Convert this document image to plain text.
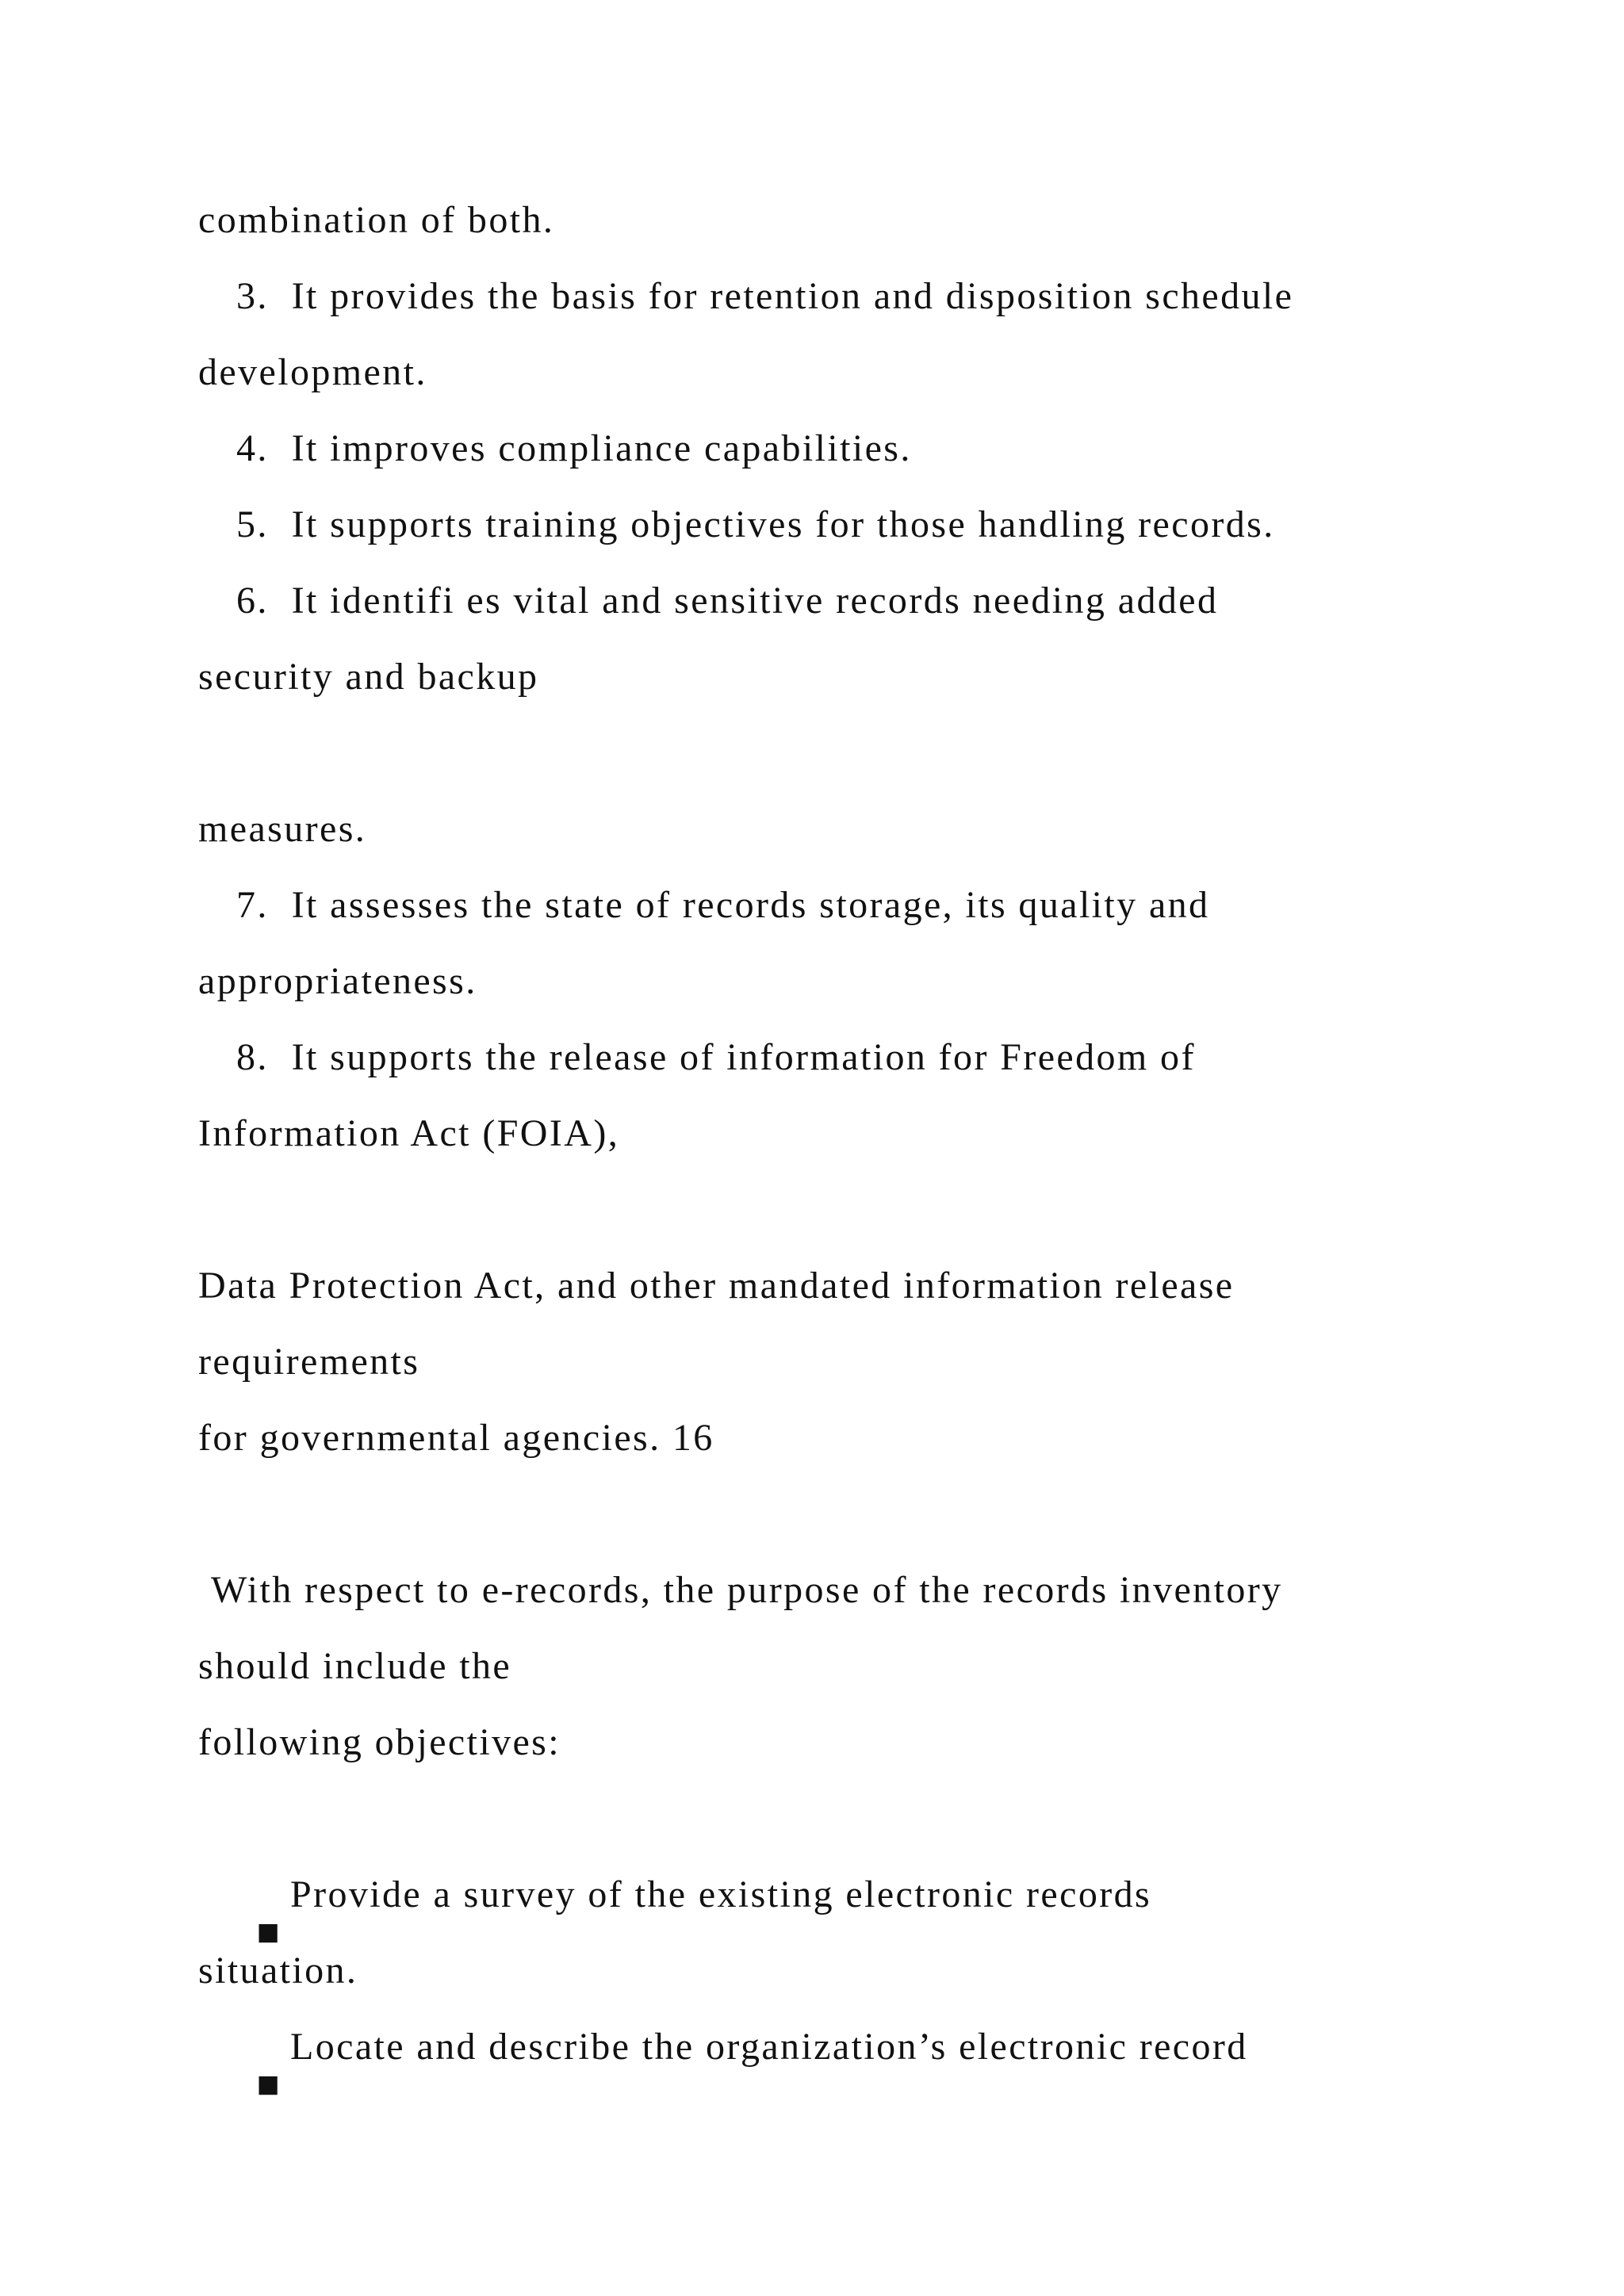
combination of both.
3.  It provides the basis for retention and disposition schedule
development.
4.  It improves compliance capabilities.
5.  It supports training objectives for those handling records.
6.  It identifi es vital and sensitive records needing added
security and backup
measures.
7.  It assesses the state of records storage, its quality and
appropriateness.
8.  It supports the release of information for Freedom of
Information Act (FOIA),
Data Protection Act, and other mandated information release
requirements
for governmental agencies. 16
With respect to e-records, the purpose of the records inventory
should include the
following objectives:

■

Provide a survey of the existing electronic records
situation.

■

Locate and describe the organization’s electronic record
